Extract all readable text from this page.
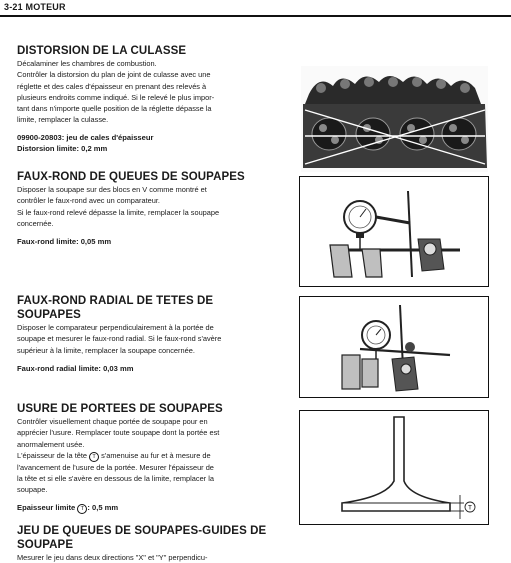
3-21 MOTEUR
DISTORSION DE LA CULASSE

Décalaminer les chambres de combustion.

Contrôler la distorsion du plan de joint de culasse avec une

réglette et des cales d'épaisseur en prenant des relevés à

plusieurs endroits comme indiqué. Si le relevé le plus impor-

tant dans n'importe quelle position de la réglette dépasse la

limite, remplacer la culasse.

09900-20803: jeu de cales d'épaisseur

Distorsion limite: 0,2 mm

FAUX-ROND DE QUEUES DE SOUPAPES

Disposer la soupape sur des blocs en V comme montré et

contrôler le faux-rond avec un comparateur.

Si le faux-rond relevé dépasse la limite, remplacer la soupape

concernée.

Faux-rond limite: 0,05 mm

FAUX-ROND RADIAL DE TETES DE
SOUPAPES

Disposer le comparateur perpendiculairement à la portée de

soupape et mesurer le faux-rond radial. Si le faux-rond s'avère

supérieur à la limite, remplacer la soupape concernée.

Faux-rond radial limite: 0,03 mm

USURE DE PORTEES DE SOUPAPES

Contrôler visuellement chaque portée de soupape pour en

apprécier l'usure. Remplacer toute soupape dont la portée est

anormalement usée.

L'épaisseur de la tête T s'amenuise au fur et à mesure de

l'avancement de l'usure de la portée. Mesurer l'épaisseur de

la tête et si elle s'avère en dessous de la limite, remplacer la

soupape.

Epaisseur limite T : 0,5 mm

JEU DE QUEUES DE SOUPAPES-GUIDES DE
SOUPAPE

Mesurer le jeu dans deux directions "X" et "Y" perpendicu-

T
